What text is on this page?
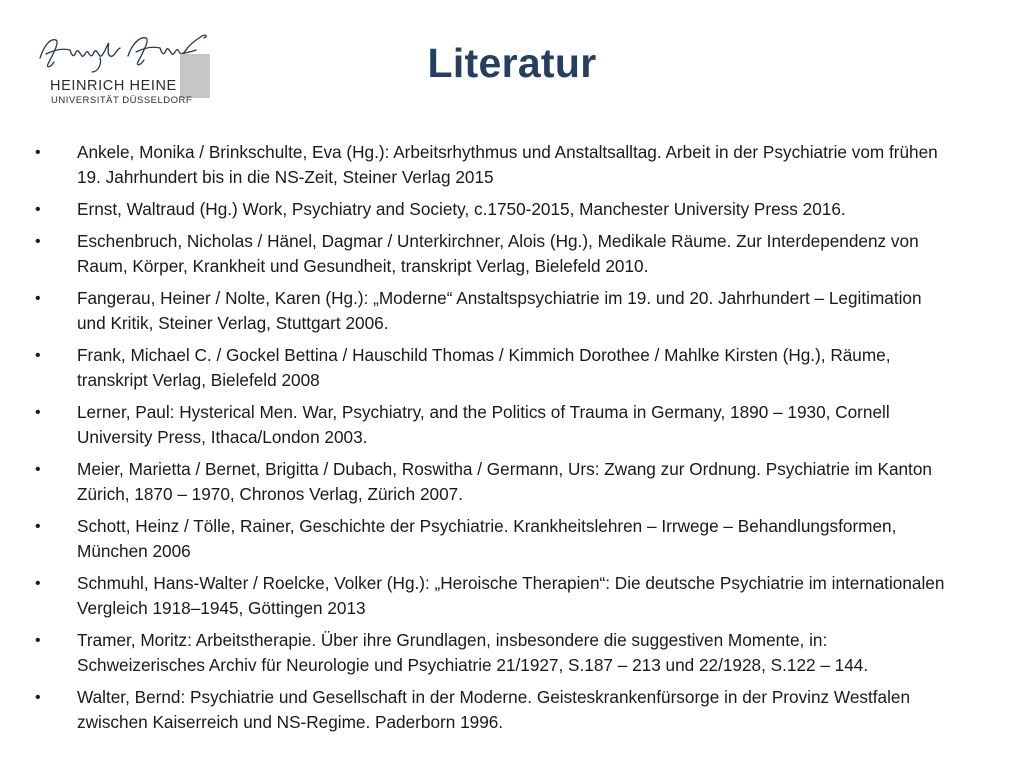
HEINRICH HEINE
UNIVERSITÄT DÜSSELDORF
Literatur
• Ankele, Monika / Brinkschulte, Eva (Hg.): Arbeitsrhythmus und Anstaltsalltag. Arbeit in der Psychiatrie vom frühen 19. Jahrhundert bis in die NS-Zeit, Steiner Verlag 2015
• Ernst, Waltraud (Hg.) Work, Psychiatry and Society, c.1750-2015, Manchester University Press 2016.
• Eschenbruch, Nicholas / Hänel, Dagmar / Unterkirchner, Alois (Hg.), Medikale Räume. Zur Interdependenz von Raum, Körper, Krankheit und Gesundheit, transkript Verlag, Bielefeld 2010.
• Fangerau, Heiner / Nolte, Karen (Hg.): „Moderne“ Anstaltspsychiatrie im 19. und 20. Jahrhundert – Legitimation und Kritik, Steiner Verlag, Stuttgart 2006.
• Frank, Michael C. / Gockel Bettina / Hauschild Thomas / Kimmich Dorothee / Mahlke Kirsten (Hg.), Räume, transkript Verlag, Bielefeld 2008
• Lerner, Paul: Hysterical Men. War, Psychiatry, and the Politics of Trauma in Germany, 1890 – 1930, Cornell University Press, Ithaca/London 2003.
• Meier, Marietta / Bernet, Brigitta / Dubach, Roswitha / Germann, Urs: Zwang zur Ordnung. Psychiatrie im Kanton Zürich, 1870 – 1970, Chronos Verlag, Zürich 2007.
• Schott, Heinz / Tölle, Rainer, Geschichte der Psychiatrie. Krankheitslehren – Irrwege – Behandlungsformen, München 2006
• Schmuhl, Hans-Walter / Roelcke, Volker (Hg.): „Heroische Therapien“: Die deutsche Psychiatrie im internationalen Vergleich 1918–1945, Göttingen 2013
• Tramer, Moritz: Arbeitstherapie. Über ihre Grundlagen, insbesondere die suggestiven Momente, in: Schweizerisches Archiv für Neurologie und Psychiatrie 21/1927, S.187 – 213 und 22/1928, S.122 – 144.
• Walter, Bernd: Psychiatrie und Gesellschaft in der Moderne. Geisteskrankenfürsorge in der Provinz Westfalen zwischen Kaiserreich und NS-Regime. Paderborn 1996.
